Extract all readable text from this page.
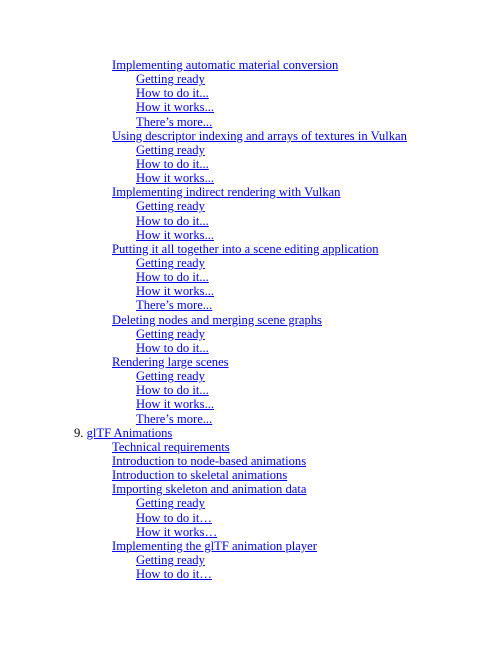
Implementing automatic material conversion
Getting ready
How to do it...
How it works...
There’s more...
Using descriptor indexing and arrays of textures in Vulkan
Getting ready
How to do it...
How it works...
Implementing indirect rendering with Vulkan
Getting ready
How to do it...
How it works...
Putting it all together into a scene editing application
Getting ready
How to do it...
How it works...
There’s more...
Deleting nodes and merging scene graphs
Getting ready
How to do it...
Rendering large scenes
Getting ready
How to do it...
How it works...
There’s more...
9. glTF Animations
Technical requirements
Introduction to node-based animations
Introduction to skeletal animations
Importing skeleton and animation data
Getting ready
How to do it…
How it works…
Implementing the glTF animation player
Getting ready
How to do it…
